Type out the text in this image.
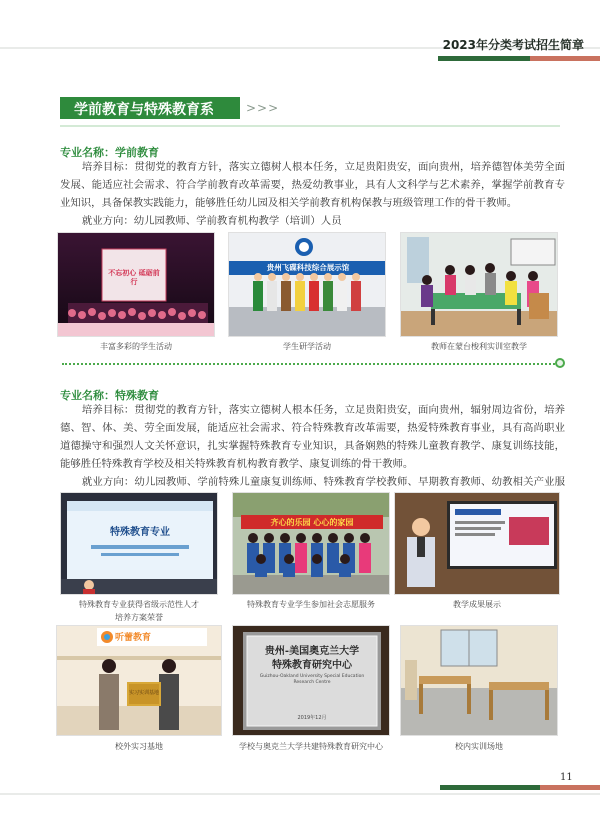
2023年分类考试招生简章
学前教育与特殊教育系	>>>
专业名称：学前教育
培养目标：贯彻党的教育方针，落实立德树人根本任务，立足贵阳贵安，面向贵州，培养德智体美劳全面发展、能适应社会需求、符合学前教育改革需要，热爱幼教事业，具有人文科学与艺术素养，掌握学前教育专业知识，具备保教实践能力，能够胜任幼儿园及相关学前教育机构保教与班级管理工作的骨干教师。
就业方向：幼儿园教师、学前教育机构教学（培训）人员
不忘初心 砥砺前行
丰富多彩的学生活动
贵州飞碟科技综合展示馆
学生研学活动	教师在蒙台梭利实训室教学
专业名称：特殊教育
培养目标：贯彻党的教育方针，落实立德树人根本任务，立足贵阳贵安，面向贵州，辐射周边省份，培养德、智、体、美、劳全面发展，能适应社会需求、符合特殊教育改革需要，热爱特殊教育事业，具有高尚职业道德操守和强烈人文关怀意识，扎实掌握特殊教育专业知识，具备娴熟的特殊儿童教育教学、康复训练技能，能够胜任特殊教育学校及相关特殊教育机构教育教学、康复训练的骨干教师。
就业方向：幼儿园教师、学前特殊儿童康复训练师、特殊教育学校教师、早期教育教师、幼教相关产业服
特殊教育专业
特殊教育专业获得省级示范性人才
培养方案荣誉
齐心的乐园 心心的家园
特殊教育专业学生参加社会志愿服务	教学成果展示
听蕾教育
实习实训基地
校外实习基地
贵州-美国奥克兰大学
特殊教育研究中心
Guizhou-Oakland University Special Education Research Centre
2019年12月
学校与奥克兰大学共建特殊教育研究中心	校内实训场地
11
